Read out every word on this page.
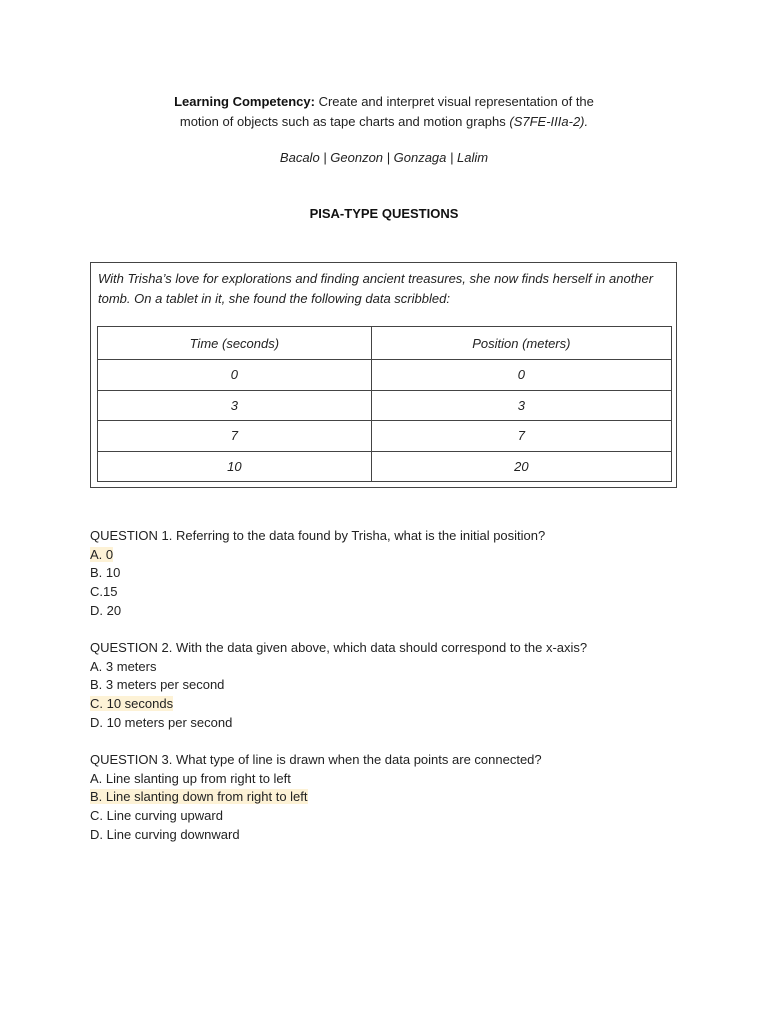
Learning Competency: Create and interpret visual representation of the
motion of objects such as tape charts and motion graphs (S7FE-IIIa-2).
Bacalo | Geonzon | Gonzaga | Lalim
PISA-TYPE QUESTIONS
With Trisha’s love for explorations and finding ancient treasures, she now finds herself in another tomb. On a tablet in it, she found the following data scribbled:
Time (seconds)	Position (meters)
0	0
3	3
7	7
10	20
QUESTION 1. Referring to the data found by Trisha, what is the initial position?
A. 0
B. 10
C.15
D. 20
QUESTION 2. With the data given above, which data should correspond to the x-axis?
A. 3 meters
B. 3 meters per second
C. 10 seconds
D. 10 meters per second
QUESTION 3. What type of line is drawn when the data points are connected?
A. Line slanting up from right to left
B. Line slanting down from right to left
C. Line curving upward
D. Line curving downward
